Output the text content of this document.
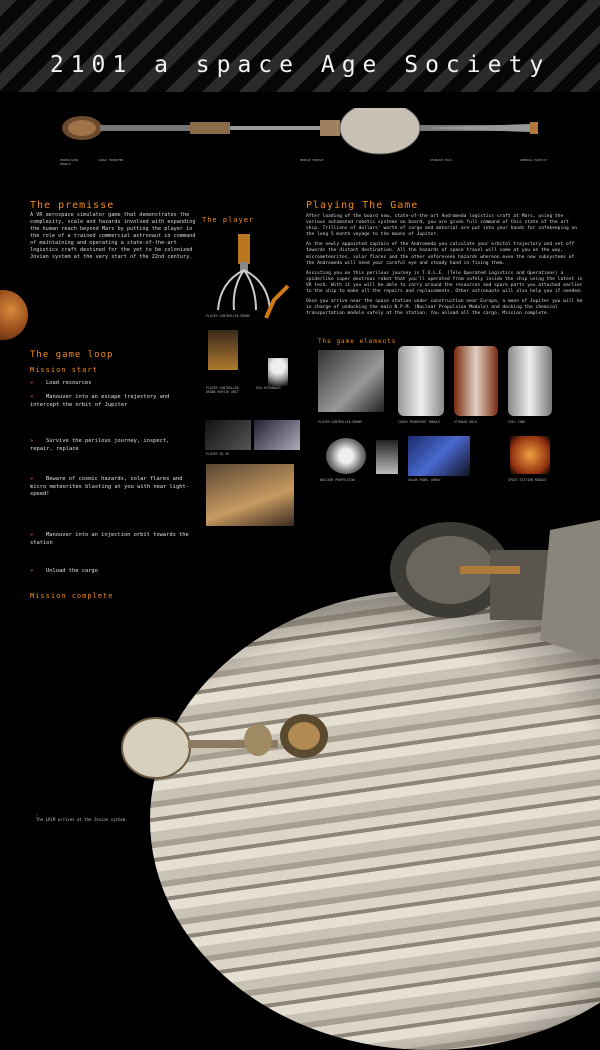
2101 a space Age Society
PROPULSION MODULE
CARGO TRANSFER	BRIDGE MODULE	STORAGE HOLD	GENERAL HABITAT
The premisse
A VR aerospace simulator game that demonstrates the complexity, scale and hazards involved with expanding the human reach beyond Mars by putting the player in the role of a trained commercial astronaut in command of maintaining and operating a state-of-the-art logistics craft destined for the yet to be colonized Jovian system at the very start of the 22nd century.
The game loop
Mission start
» Load resources
» Manouver into an escape trajectory and intercept the orbit of Jupiter
» Survive the perilous journey, inspect, repair, replace
» Beware of cosmic hazards, solar flares and micro meteorites blasting at you with near light-speed!
» Manouver into an injection orbit towards the station
» Unload the cargo
Mission complete
The player
PLAYER CONTROLLED DRONE
PLAYER CONTROLLED DRONE REPAIR UNIT
EVA ASTRONAUT
PLAYER IN VR
Playing The Game

After loading of the board now, state-of-the-art Andromeda logistics craft at Mars, using the various automated robotic systems on board, you are given full command of this state of the art ship. Trillions of dollars' worth of cargo and material are put into your hands for safekeeping on the long 5 month voyage to the moons of Jupiter.

As the newly appointed captain of the Andromeda you calculate your orbital trajectory and set off towards the distant destination. All the hazards of space travel will come at you on the way, micrometeorites, solar flares and the other unforeseen hazards whereon even the new subsystems of the Andromeda will need your careful eye and steady hand in fixing them.

Assisting you on this perilous journey is T.O.L.E. (Tele Operated Logistics and Operations) a spiderlike super dextrous robot that you'll operated from safely inside the ship using the latest in VR tech. With it you will be able to carry around the resources and spare parts you attached earlier to the ship to make all the repairs and replacements. Other astronauts will also help you if needed.

Once you arrive near the space station under construction near Europa, a moon of Jupiter you will be in charge of undocking the main N.P.M. (Nuclear Propulsion Module) and docking the chemical transportation module safely at the station. You unload all the cargo. Mission complete.

The game elements
PLAYER CONTROLLED DRONE	CARGO TRANSPORT MODULE	STORAGE HOLD	FUEL TANK
NUCLEAR PROPULSION	SOLAR PANEL ARRAY	SPACE STATION MODULE
›
The LRLM arrives at the Jovian system.
